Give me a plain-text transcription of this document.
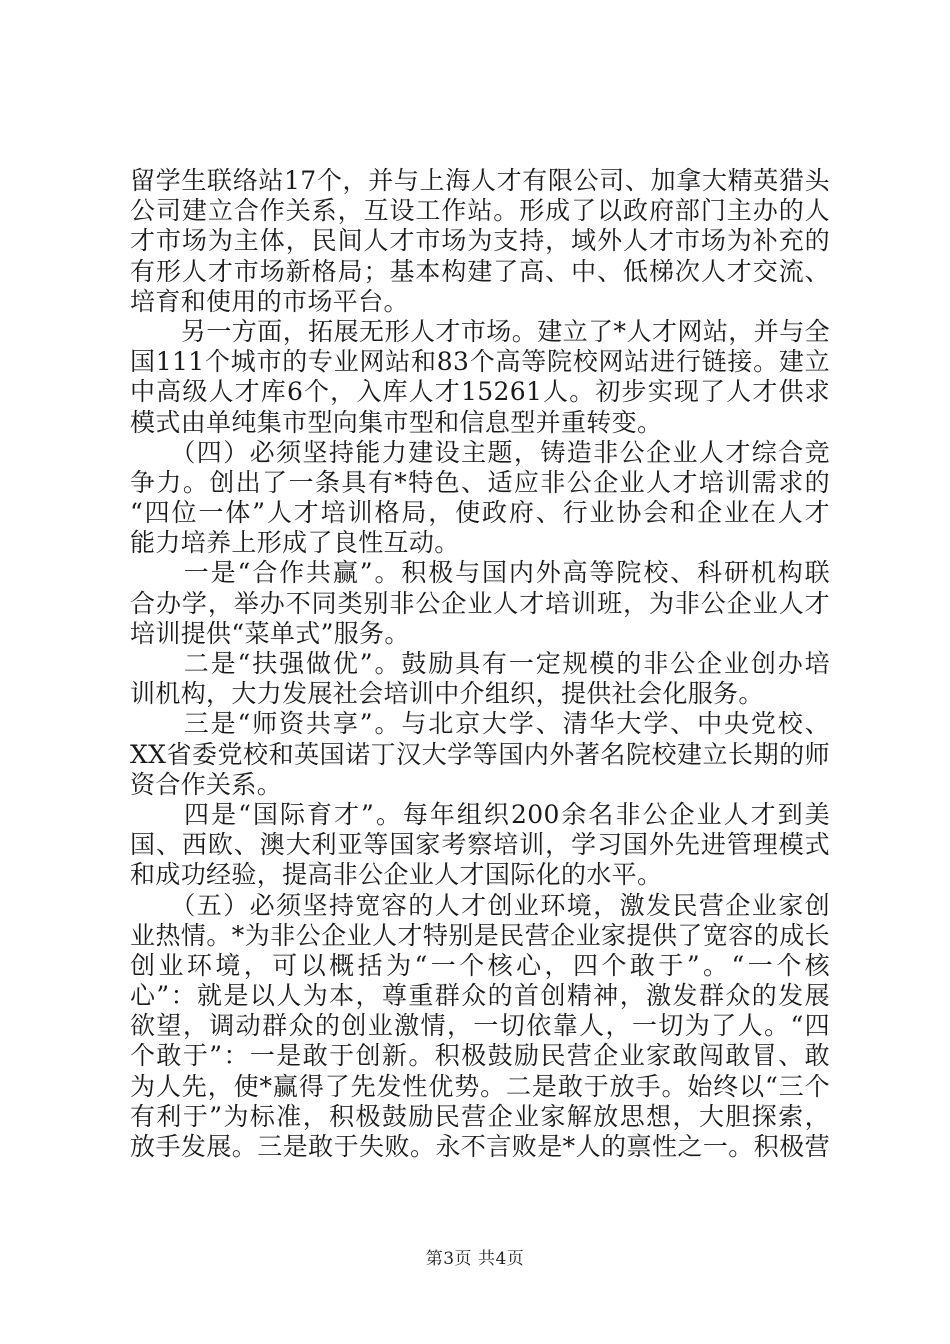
留学生联络站17个，并与上海人才有限公司、加拿大精英猎头
公司建立合作关系，互设工作站。形成了以政府部门主办的人
才市场为主体，民间人才市场为支持，域外人才市场为补充的
有形人才市场新格局；基本构建了高、中、低梯次人才交流、
培育和使用的市场平台。
　　另一方面，拓展无形人才市场。建立了*人才网站，并与全
国111个城市的专业网站和83个高等院校网站进行链接。建立
中高级人才库6个，入库人才15261人。初步实现了人才供求
模式由单纯集市型向集市型和信息型并重转变。
　　（四）必须坚持能力建设主题，铸造非公企业人才综合竞
争力。创出了一条具有*特色、适应非公企业人才培训需求的
“四位一体”人才培训格局，使政府、行业协会和企业在人才
能力培养上形成了良性互动。
　　一是“合作共赢”。积极与国内外高等院校、科研机构联
合办学，举办不同类别非公企业人才培训班，为非公企业人才
培训提供“菜单式”服务。
　　二是“扶强做优”。鼓励具有一定规模的非公企业创办培
训机构，大力发展社会培训中介组织，提供社会化服务。
　　三是“师资共享”。与北京大学、清华大学、中央党校、
XX省委党校和英国诺丁汉大学等国内外著名院校建立长期的师
资合作关系。
　　四是“国际育才”。每年组织200余名非公企业人才到美
国、西欧、澳大利亚等国家考察培训，学习国外先进管理模式
和成功经验，提高非公企业人才国际化的水平。
　　（五）必须坚持宽容的人才创业环境，激发民营企业家创
业热情。*为非公企业人才特别是民营企业家提供了宽容的成长
创业环境，可以概括为“一个核心，四个敢于”。“一个核
心”：就是以人为本，尊重群众的首创精神，激发群众的发展
欲望，调动群众的创业激情，一切依靠人，一切为了人。“四
个敢于”：一是敢于创新。积极鼓励民营企业家敢闯敢冒、敢
为人先，使*赢得了先发性优势。二是敢于放手。始终以“三个
有利于”为标准，积极鼓励民营企业家解放思想，大胆探索，
放手发展。三是敢于失败。永不言败是*人的禀性之一。积极营
第3页 共4页
